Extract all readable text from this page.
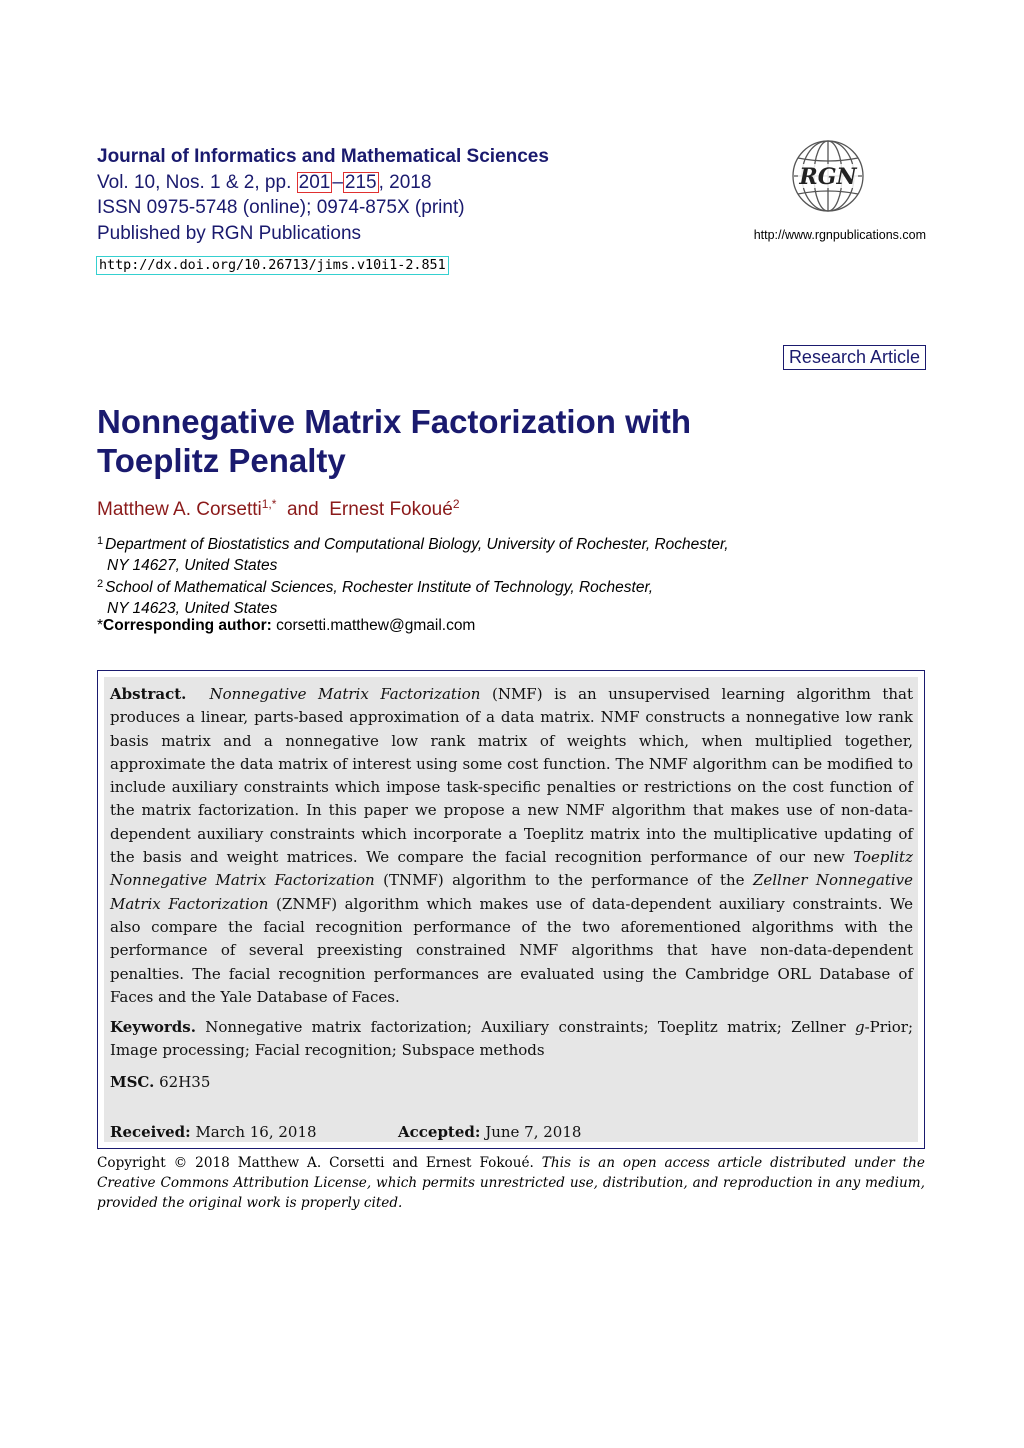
Journal of Informatics and Mathematical Sciences
Vol. 10, Nos. 1 & 2, pp. 201 – 215 , 2018
ISSN 0975-5748 (online); 0974-875X (print)
Published by RGN Publications
http://dx.doi.org/10.26713/jims.v10i1-2.851
RGN
http://www.rgnpublications.com
Research Article
Nonnegative Matrix Factorization with Toeplitz Penalty
Matthew A. Corsetti$^{1,*}$ and Ernest Fokoué$^2$
$^1$ Department of Biostatistics and Computational Biology, University of Rochester, Rochester,
NY 14627, United States
$^2$ School of Mathematical Sciences, Rochester Institute of Technology, Rochester,
NY 14623, United States
*Corresponding author: corsetti.matthew@gmail.com

Abstract. Nonnegative Matrix Factorization (NMF) is an unsupervised learning algorithm that produces a linear, parts-based approximation of a data matrix. NMF constructs a nonnegative low rank basis matrix and a nonnegative low rank matrix of weights which, when multiplied together, approximate the data matrix of interest using some cost function. The NMF algorithm can be modified to include auxiliary constraints which impose task-specific penalties or restrictions on the cost function of the matrix factorization. In this paper we propose a new NMF algorithm that makes use of non-data-dependent auxiliary constraints which incorporate a Toeplitz matrix into the multiplicative updating of the basis and weight matrices. We compare the facial recognition performance of our new Toeplitz Nonnegative Matrix Factorization (TNMF) algorithm to the performance of the Zellner Nonnegative Matrix Factorization (ZNMF) algorithm which makes use of data-dependent auxiliary constraints. We also compare the facial recognition performance of the two aforementioned algorithms with the performance of several preexisting constrained NMF algorithms that have non-data-dependent penalties. The facial recognition performances are evaluated using the Cambridge ORL Database of Faces and the Yale Database of Faces.

Keywords. Nonnegative matrix factorization; Auxiliary constraints; Toeplitz matrix; Zellner g-Prior; Image processing; Facial recognition; Subspace methods

MSC. 62H35

Received: March 16, 2018	Accepted: June 7, 2018

Copyright © 2018 Matthew A. Corsetti and Ernest Fokoué. This is an open access article distributed under the Creative Commons Attribution License, which permits unrestricted use, distribution, and reproduction in any medium, provided the original work is properly cited.
